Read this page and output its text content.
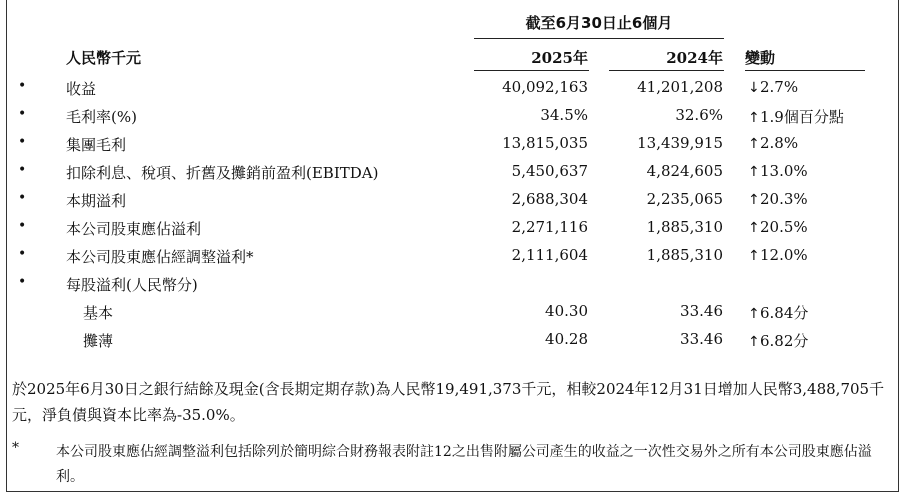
截至6月30日止6個月
人民幣千元	2025年	2024年 變動
•	收益	40,092,163	41,201,208 ↓2.7%
•	毛利率(%)	34.5%	32.6% ↑1.9個百分點
•	集團毛利	13,815,035	13,439,915 ↑2.8%
•	扣除利息、稅項、折舊及攤銷前盈利(EBITDA)	5,450,637	4,824,605 ↑13.0%
•	本期溢利	2,688,304	2,235,065 ↑20.3%
•	本公司股東應佔溢利	2,271,116	1,885,310 ↑20.5%
•	本公司股東應佔經調整溢利*	2,111,604	1,885,310 ↑12.0%
•	每股溢利(人民幣分)
基本	40.30	33.46 ↑6.84分
攤薄	40.28	33.46 ↑6.82分
於2025年6月30日之銀行結餘及現金(含長期定期存款)為人民幣19,491,373千元，相較2024年12月31日增加人民幣3,488,705千元，淨負債與資本比率為-35.0%。
*	本公司股東應佔經調整溢利包括除列於簡明綜合財務報表附註12之出售附屬公司產生的收益之一次性交易外之所有本公司股東應佔溢利。
